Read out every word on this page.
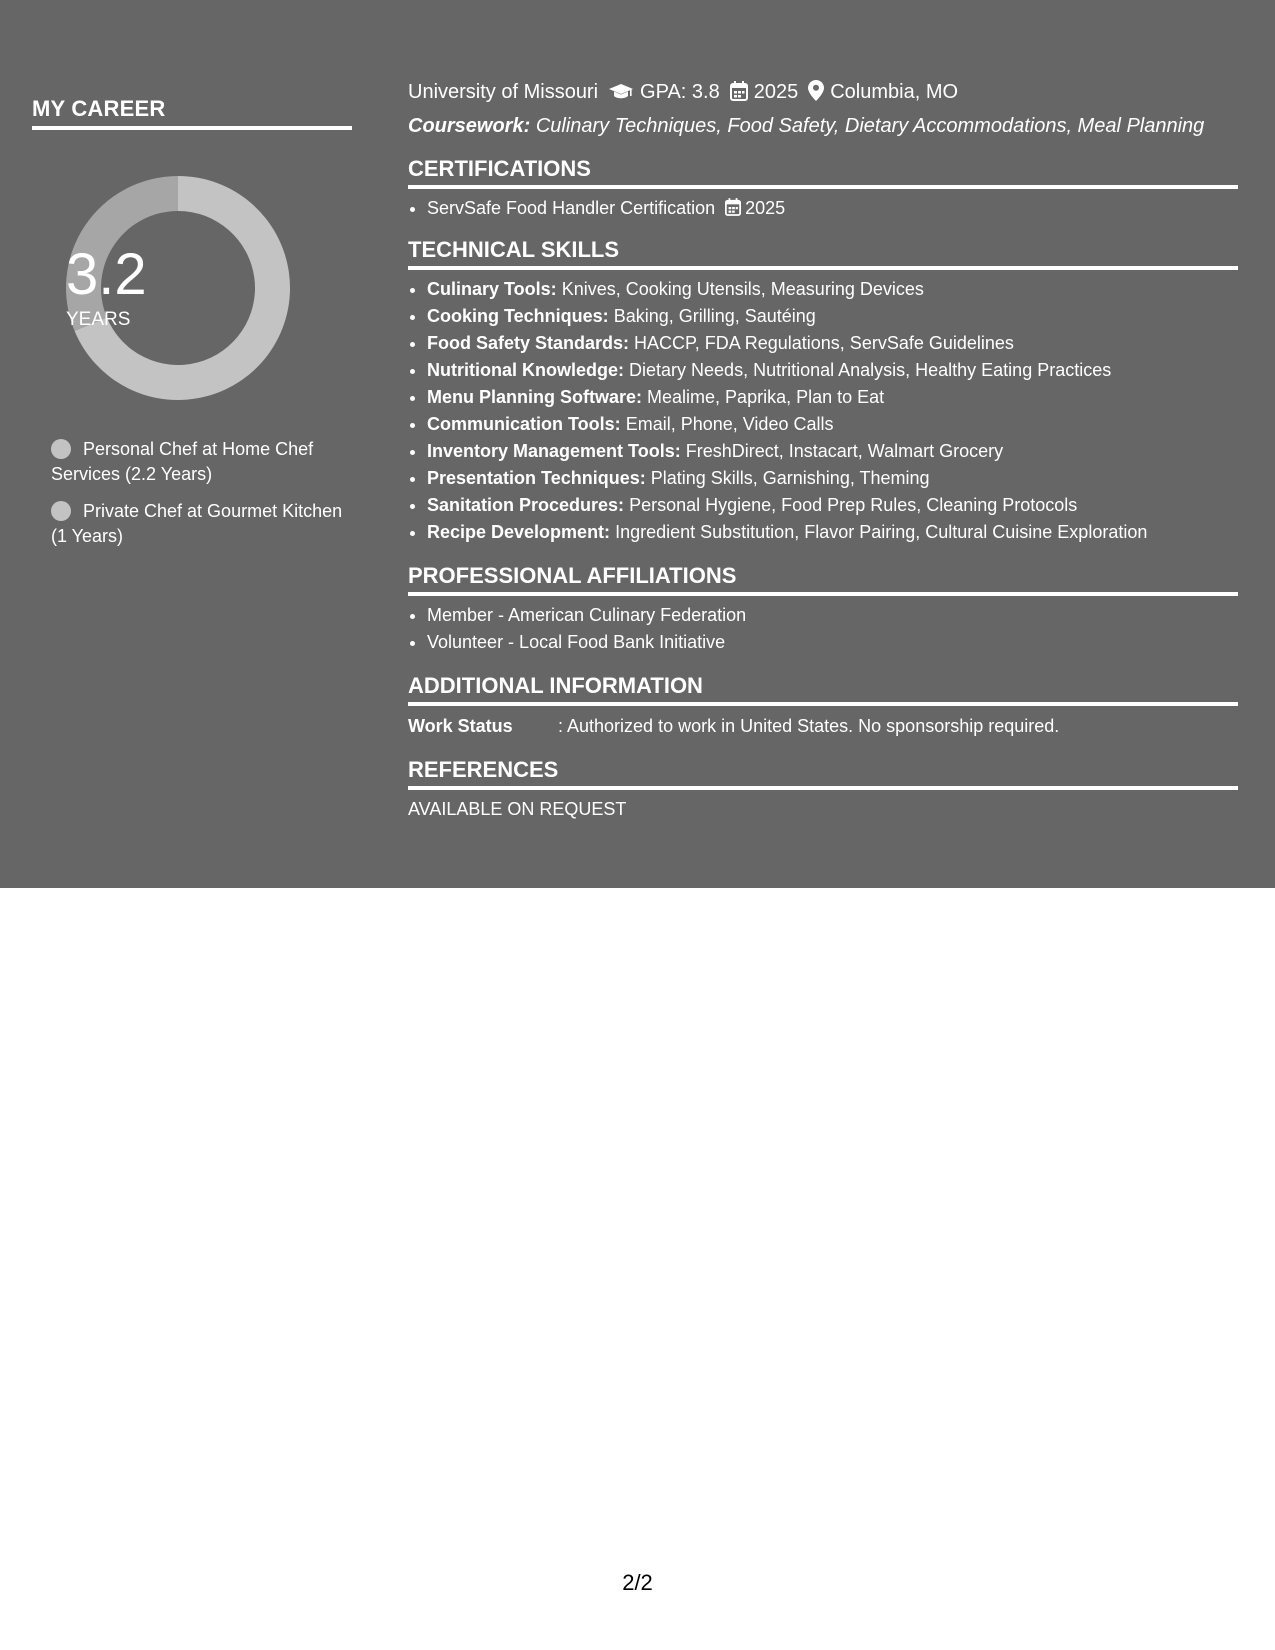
MY CAREER
3.2
YEARS
Personal Chef at Home Chef Services (2.2 Years)
Private Chef at Gourmet Kitchen (1 Years)
University of Missouri GPA: 3.8 2025 Columbia, MO
Coursework: Culinary Techniques, Food Safety, Dietary Accommodations, Meal Planning
CERTIFICATIONS
• ServSafe Food Handler Certification 2025
TECHNICAL SKILLS
• Culinary Tools: Knives, Cooking Utensils, Measuring Devices
• Cooking Techniques: Baking, Grilling, Sautéing
• Food Safety Standards: HACCP, FDA Regulations, ServSafe Guidelines
• Nutritional Knowledge: Dietary Needs, Nutritional Analysis, Healthy Eating Practices
• Menu Planning Software: Mealime, Paprika, Plan to Eat
• Communication Tools: Email, Phone, Video Calls
• Inventory Management Tools: FreshDirect, Instacart, Walmart Grocery
• Presentation Techniques: Plating Skills, Garnishing, Theming
• Sanitation Procedures: Personal Hygiene, Food Prep Rules, Cleaning Protocols
• Recipe Development: Ingredient Substitution, Flavor Pairing, Cultural Cuisine Exploration
PROFESSIONAL AFFILIATIONS
• Member - American Culinary Federation
• Volunteer - Local Food Bank Initiative
ADDITIONAL INFORMATION
Work Status	: Authorized to work in United States. No sponsorship required.
REFERENCES
AVAILABLE ON REQUEST
2/2
